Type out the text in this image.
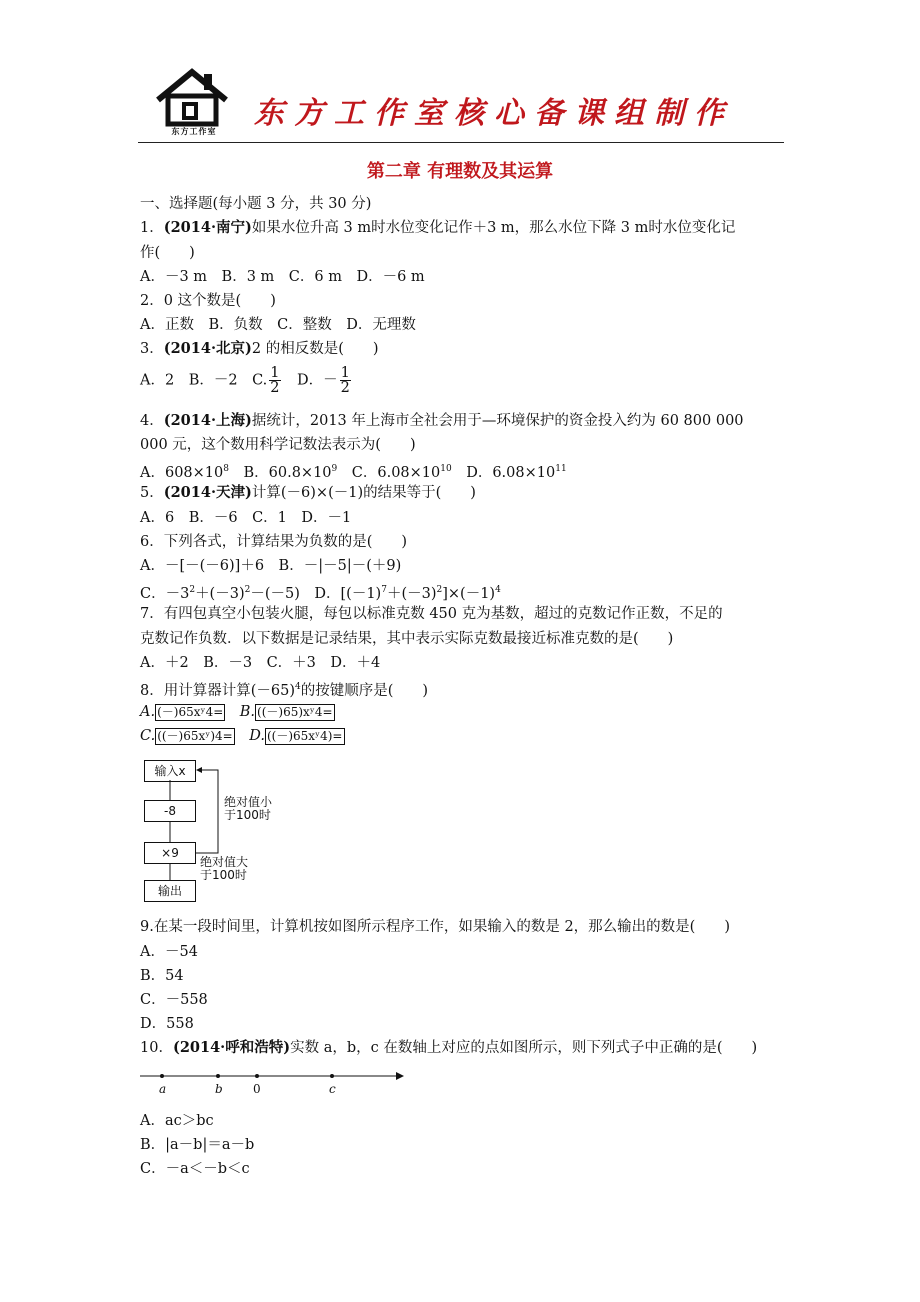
东方工作室
东方工作室核心备课组制作
第二章 有理数及其运算
一、选择题(每小题 3 分，共 30 分)
1．(2014·南宁)如果水位升高 3 m时水位变化记作＋3 m，那么水位下降 3 m时水位变化记
作(　　)
A．－3 m　B．3 m　C．6 m　D．－6 m
2．0 这个数是(　　)
A．正数　B．负数　C．整数　D．无理数
3．(2014·北京)2 的相反数是(　　)
A．2　B．－2　C. $\frac{1}{2}$ 　D．－ $\frac{1}{2}$
4．(2014·上海)据统计，2013 年上海市全社会用于—环境保护的资金投入约为 60 800 000
000 元，这个数用科学记数法表示为(　　)
A．$608\times 10^8$　B．$60.8\times 10^9$　C．$6.08\times 10^{10}$　D．$6.08\times 10^{11}$
5．(2014·天津)计算(－6)×(－1)的结果等于(　　)
A．6　B．－6　C．1　D．－1
6．下列各式，计算结果为负数的是(　　)
A．－[－(－6)]＋6　B．－|－5|－(＋9)
C．$-3^2+(-3)^2-(-5)$　D．$[(-1)^7+(-3)^2]\times(-1)^4$
7．有四包真空小包装火腿，每包以标准克数 450 克为基数，超过的克数记作正数，不足的
克数记作负数．以下数据是记录结果，其中表示实际克数最接近标准克数的是(　　)
A．＋2　B．－3　C．＋3　D．＋4
8．用计算器计算$(-65)^4$的按键顺序是(　　)
A. (－)65xʸ4=　B. ((－)65)xʸ4=
C. ((－)65xʸ)4=　D. ((－)65xʸ4)=
输入x
-8
×9
输出
绝对值小
于100时
绝对值大
于100时
9.在某一段时间里，计算机按如图所示程序工作，如果输入的数是 2，那么输出的数是(　　)
A．－54
B．54
C．－558
D．558
10．(2014·呼和浩特)实数 a，b，c 在数轴上对应的点如图所示，则下列式子中正确的是(　　)
a	b	0	c
A．ac＞bc
B．|a－b|＝a－b
C．－a＜－b＜c
